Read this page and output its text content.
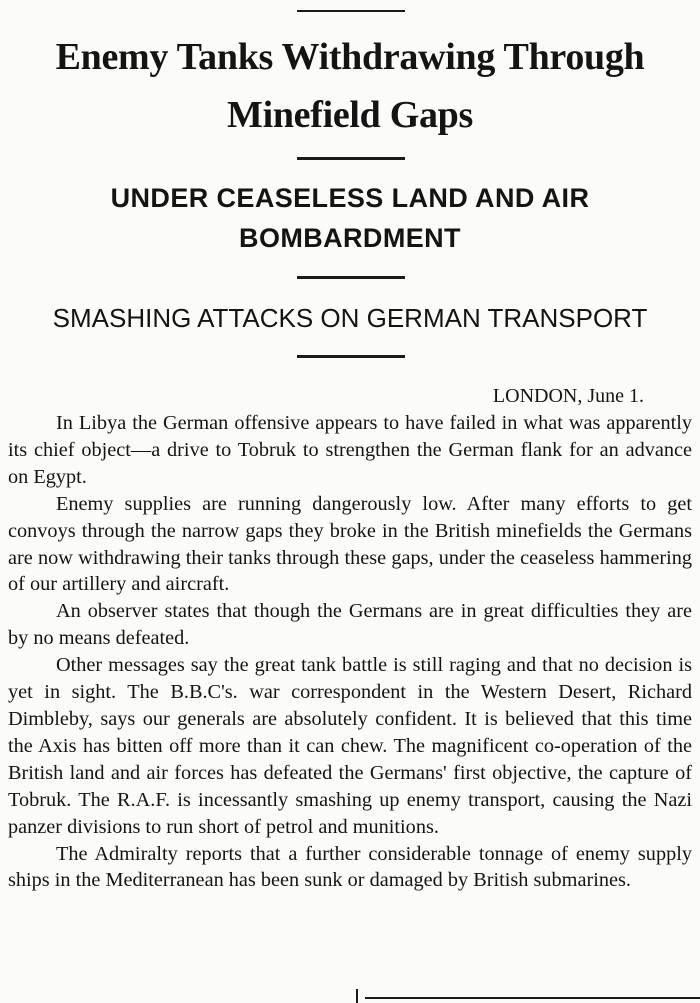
Enemy Tanks Withdrawing Through Minefield Gaps
UNDER CEASELESS LAND AND AIR BOMBARDMENT
SMASHING ATTACKS ON GERMAN TRANSPORT
LONDON, June 1.

In Libya the German offensive appears to have failed in what was apparently its chief object—a drive to Tobruk to strengthen the German flank for an advance on Egypt.

Enemy supplies are running dangerously low. After many efforts to get convoys through the narrow gaps they broke in the British minefields the Germans are now withdrawing their tanks through these gaps, under the ceaseless hammering of our artillery and aircraft.

An observer states that though the Germans are in great difficulties they are by no means defeated.

Other messages say the great tank battle is still raging and that no decision is yet in sight. The B.B.C's. war correspondent in the Western Desert, Richard Dimbleby, says our generals are absolutely confident. It is believed that this time the Axis has bitten off more than it can chew. The magnificent co-operation of the British land and air forces has defeated the Germans' first objective, the capture of Tobruk. The R.A.F. is incessantly smashing up enemy transport, causing the Nazi panzer divisions to run short of petrol and munitions.

The Admiralty reports that a further considerable tonnage of enemy supply ships in the Mediterranean has been sunk or damaged by British submarines.
